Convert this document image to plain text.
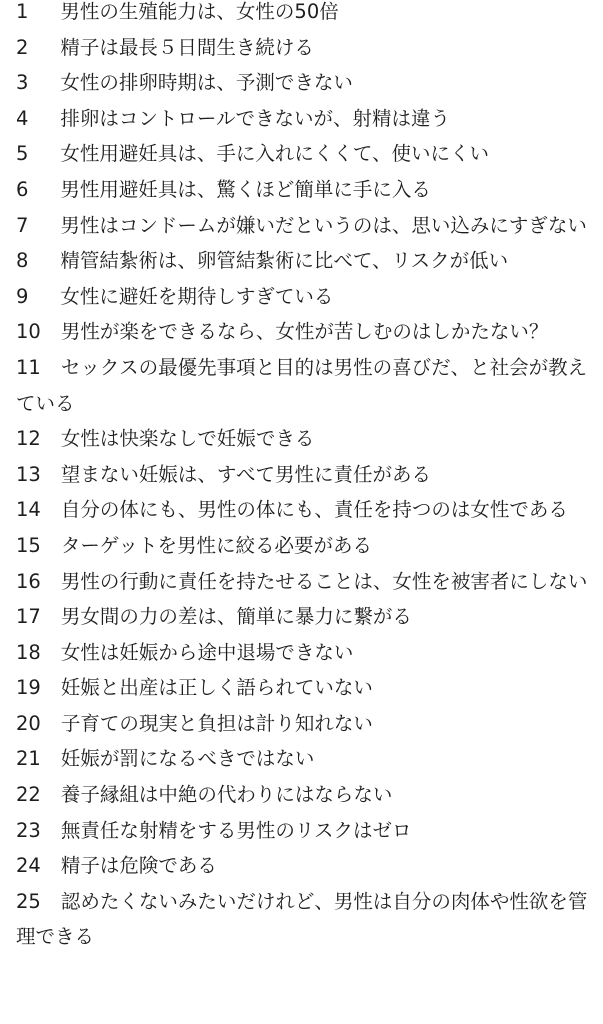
1 男性の生殖能力は、女性の50倍
2 精子は最長５日間生き続ける
3 女性の排卵時期は、予測できない
4 排卵はコントロールできないが、射精は違う
5 女性用避妊具は、手に入れにくくて、使いにくい
6 男性用避妊具は、驚くほど簡単に手に入る
7 男性はコンドームが嫌いだというのは、思い込みにすぎない
8 精管結紮術は、卵管結紮術に比べて、リスクが低い
9 女性に避妊を期待しすぎている
10 男性が楽をできるなら、女性が苦しむのはしかたない？
11 セックスの最優先事項と目的は男性の喜びだ、と社会が教えている
12 女性は快楽なしで妊娠できる
13 望まない妊娠は、すべて男性に責任がある
14 自分の体にも、男性の体にも、責任を持つのは女性である
15 ターゲットを男性に絞る必要がある
16 男性の行動に責任を持たせることは、女性を被害者にしない
17 男女間の力の差は、簡単に暴力に繋がる
18 女性は妊娠から途中退場できない
19 妊娠と出産は正しく語られていない
20 子育ての現実と負担は計り知れない
21 妊娠が罰になるべきではない
22 養子縁組は中絶の代わりにはならない
23 無責任な射精をする男性のリスクはゼロ
24 精子は危険である
25 認めたくないみたいだけれど、男性は自分の肉体や性欲を管理できる
